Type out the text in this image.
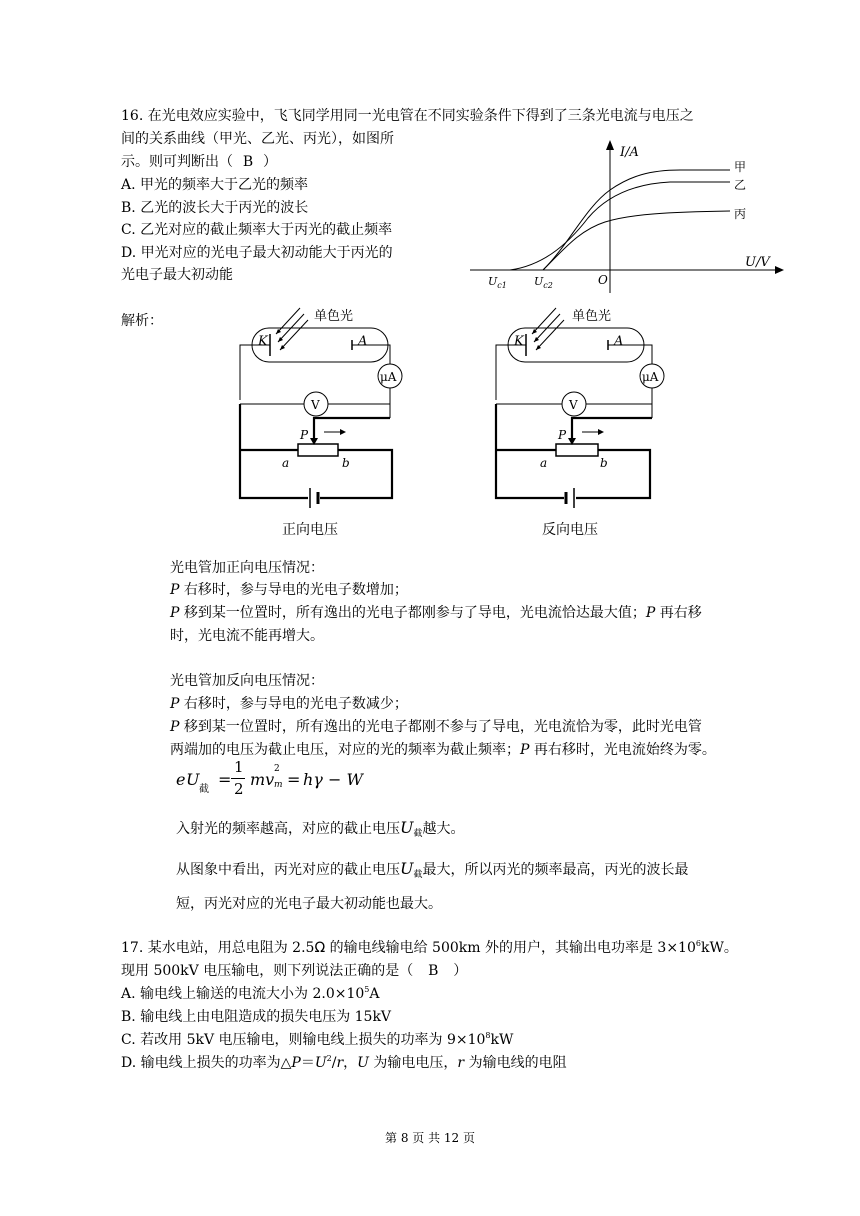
16. 在光电效应实验中，飞飞同学用同一光电管在不同实验条件下得到了三条光电流与电压之
间的关系曲线（甲光、乙光、丙光），如图所
示。则可判断出（ B ）
A. 甲光的频率大于乙光的频率
B. 乙光的波长大于丙光的波长
C. 乙光对应的截止频率大于丙光的截止频率
D. 甲光对应的光电子最大初动能大于丙光的
光电子最大初动能
I/A
U/V
O
$U_{c1}$ $U_{c2}$
甲
乙
丙
解析：
K	A
单色光
μA
V
a	b
P
正向电压
K	A
单色光
μA
V
a	b
P
反向电压
光电管加正向电压情况：
P 右移时，参与导电的光电子数增加；
P 移到某一位置时，所有逸出的光电子都刚参与了导电，光电流恰达最大值；P 再右移
时，光电流不能再增大。
光电管加反向电压情况：
P 右移时，参与导电的光电子数减少；
P 移到某一位置时，所有逸出的光电子都刚不参与了导电，光电流恰为零，此时光电管
两端加的电压为截止电压，对应的光的频率为截止频率；P 再右移时，光电流始终为零。
e U
截
=
1
2 mv
2
m = hγ − W
入射光的频率越高，对应的截止电压$U_截$越大。
从图象中看出，丙光对应的截止电压$U_截$最大，所以丙光的频率最高，丙光的波长最
短，丙光对应的光电子最大初动能也最大。
17. 某水电站，用总电阻为 2.5Ω 的输电线输电给 500km 外的用户，其输出电功率是 $3\times 10^6kW$。
现用 500kV 电压输电，则下列说法正确的是（ B ）
A. 输电线上输送的电流大小为 $2.0\times 10^5A$
B. 输电线上由电阻造成的损失电压为 15kV
C. 若改用 5kV 电压输电，则输电线上损失的功率为 $9\times 10^8kW$
D. 输电线上损失的功率为$\triangle P=U^2/r$，U 为输电电压，r 为输电线的电阻
第 8 页 共 12 页
